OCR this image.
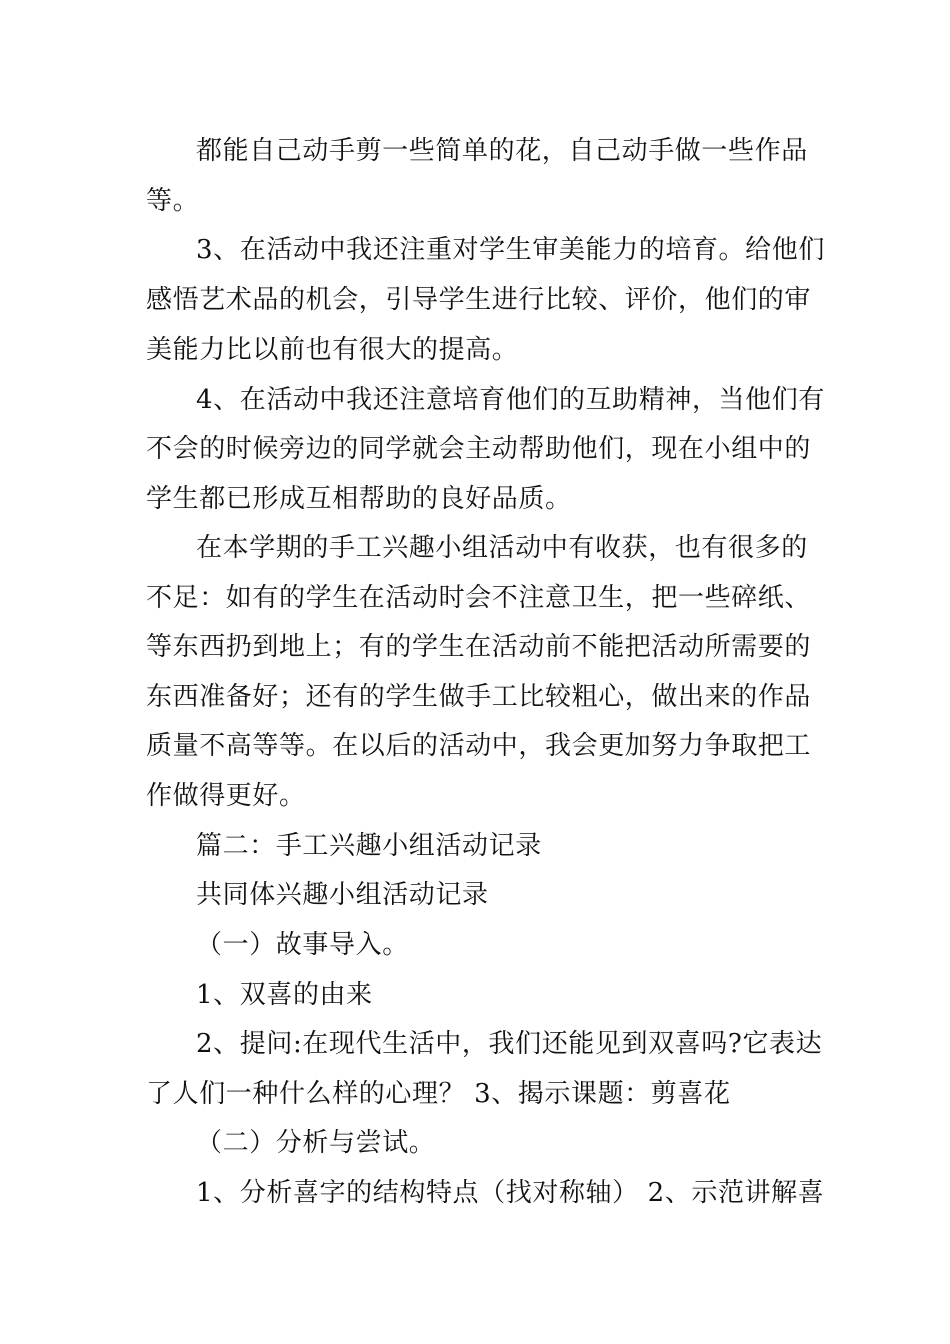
都能自己动手剪一些简单的花，自己动手做一些作品
等。
3、在活动中我还注重对学生审美能力的培育。给他们
感悟艺术品的机会，引导学生进行比较、评价，他们的审
美能力比以前也有很大的提高。
4、在活动中我还注意培育他们的互助精神，当他们有
不会的时候旁边的同学就会主动帮助他们，现在小组中的
学生都已形成互相帮助的良好品质。
在本学期的手工兴趣小组活动中有收获，也有很多的
不足：如有的学生在活动时会不注意卫生，把一些碎纸、
等东西扔到地上；有的学生在活动前不能把活动所需要的
东西准备好；还有的学生做手工比较粗心，做出来的作品
质量不高等等。在以后的活动中，我会更加努力争取把工
作做得更好。
篇二：手工兴趣小组活动记录
共同体兴趣小组活动记录
（一）故事导入。
1、双喜的由来
2、提问:在现代生活中，我们还能见到双喜吗?它表达
了人们一种什么样的心理？ 3、揭示课题：剪喜花
（二）分析与尝试。
1、分析喜字的结构特点（找对称轴） 2、示范讲解喜
